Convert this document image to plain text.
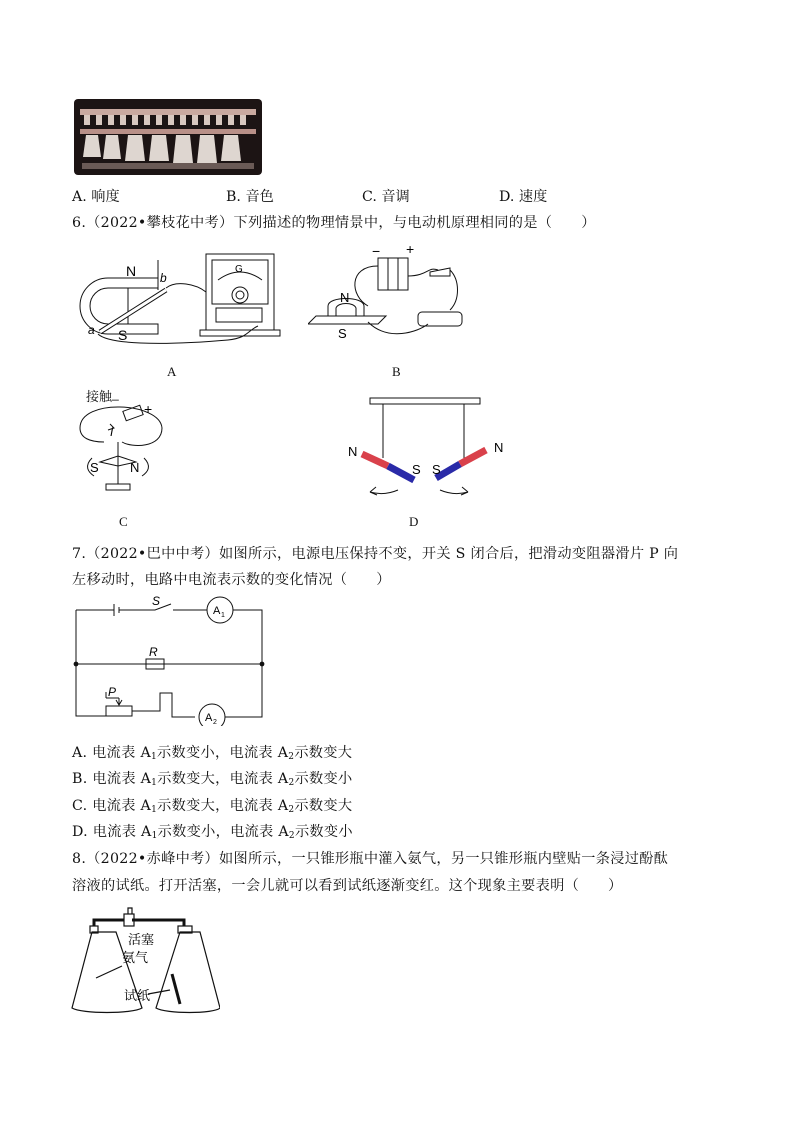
A. 响度	B. 音色	C. 音调	D. 速度
6.（2022•攀枝花中考）下列描述的物理情景中，与电动机原理相同的是（　　）
N
S
a
b
G
A
N
S
− +
B
I
S N
+
_
接触
C
N
S S
N
D
7.（2022•巴中中考）如图所示，电源电压保持不变，开关 S 闭合后，把滑动变阻器滑片 P 向
左移动时，电路中电流表示数的变化情况（　　）
S
A 1
R
P
A 2
A. 电流表 $A_1$示数变小，电流表 $A_2$示数变大
B. 电流表 $A_1$示数变大，电流表 $A_2$示数变小
C. 电流表 $A_1$示数变大，电流表 $A_2$示数变大
D. 电流表 $A_1$示数变小，电流表 $A_2$示数变小
8.（2022•赤峰中考）如图所示，一只锥形瓶中灌入氨气，另一只锥形瓶内壁贴一条浸过酚酞
溶液的试纸。打开活塞，一会儿就可以看到试纸逐渐变红。这个现象主要表明（　　）
活塞
氨气
试纸
